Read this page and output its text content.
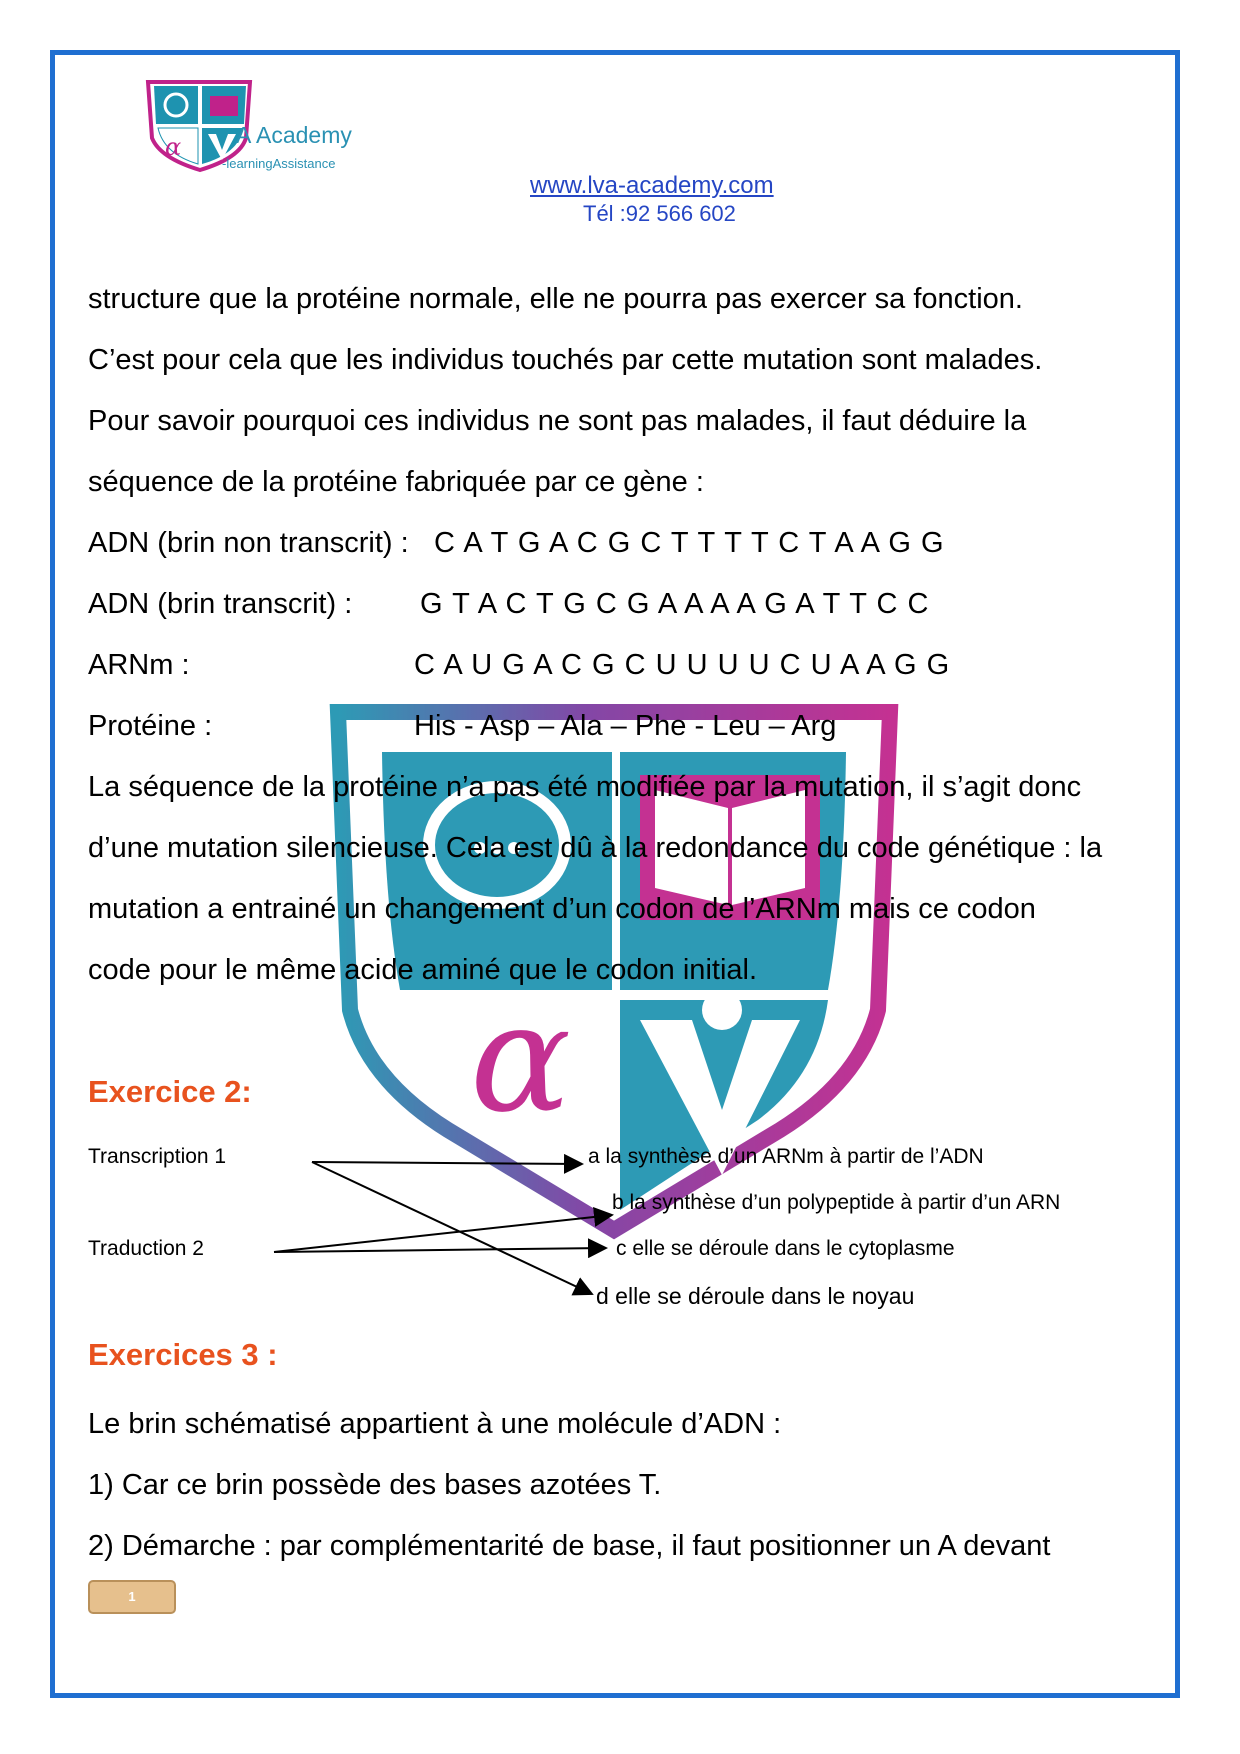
α
α A Academy
-learningAssistance
www.lva-academy.com
Tél :92 566 602
structure que la protéine normale, elle ne pourra pas exercer sa fonction.
C’est pour cela que les individus touchés par cette mutation sont malades.
Pour savoir pourquoi ces individus ne sont pas malades, il faut déduire la
séquence de la protéine fabriquée par ce gène :
ADN (brin non transcrit) : C A T G A C G C T T T T C T A A G G
ADN (brin transcrit) : G T A C T G C G A A A A G A T T C C
ARNm :	C A U G A C G C U U U U C U A A G G
Protéine :	His - Asp – Ala – Phe - Leu – Arg
La séquence de la protéine n’a pas été modifiée par la mutation, il s’agit donc
d’une mutation silencieuse. Cela est dû à la redondance du code génétique : la
mutation a entrainé un changement d’un codon de l’ARNm mais ce codon
code pour le même acide aminé que le codon initial.
Exercice 2:
Transcription 1
Traduction 2
a la synthèse d’un ARNm à partir de l’ADN
b la synthèse d’un polypeptide à partir d’un ARN
c elle se déroule dans le cytoplasme
d elle se déroule dans le noyau
Exercices 3 :
Le brin schématisé appartient à une molécule d’ADN :
1) Car ce brin possède des bases azotées T.
2) Démarche : par complémentarité de base, il faut positionner un A devant
1
